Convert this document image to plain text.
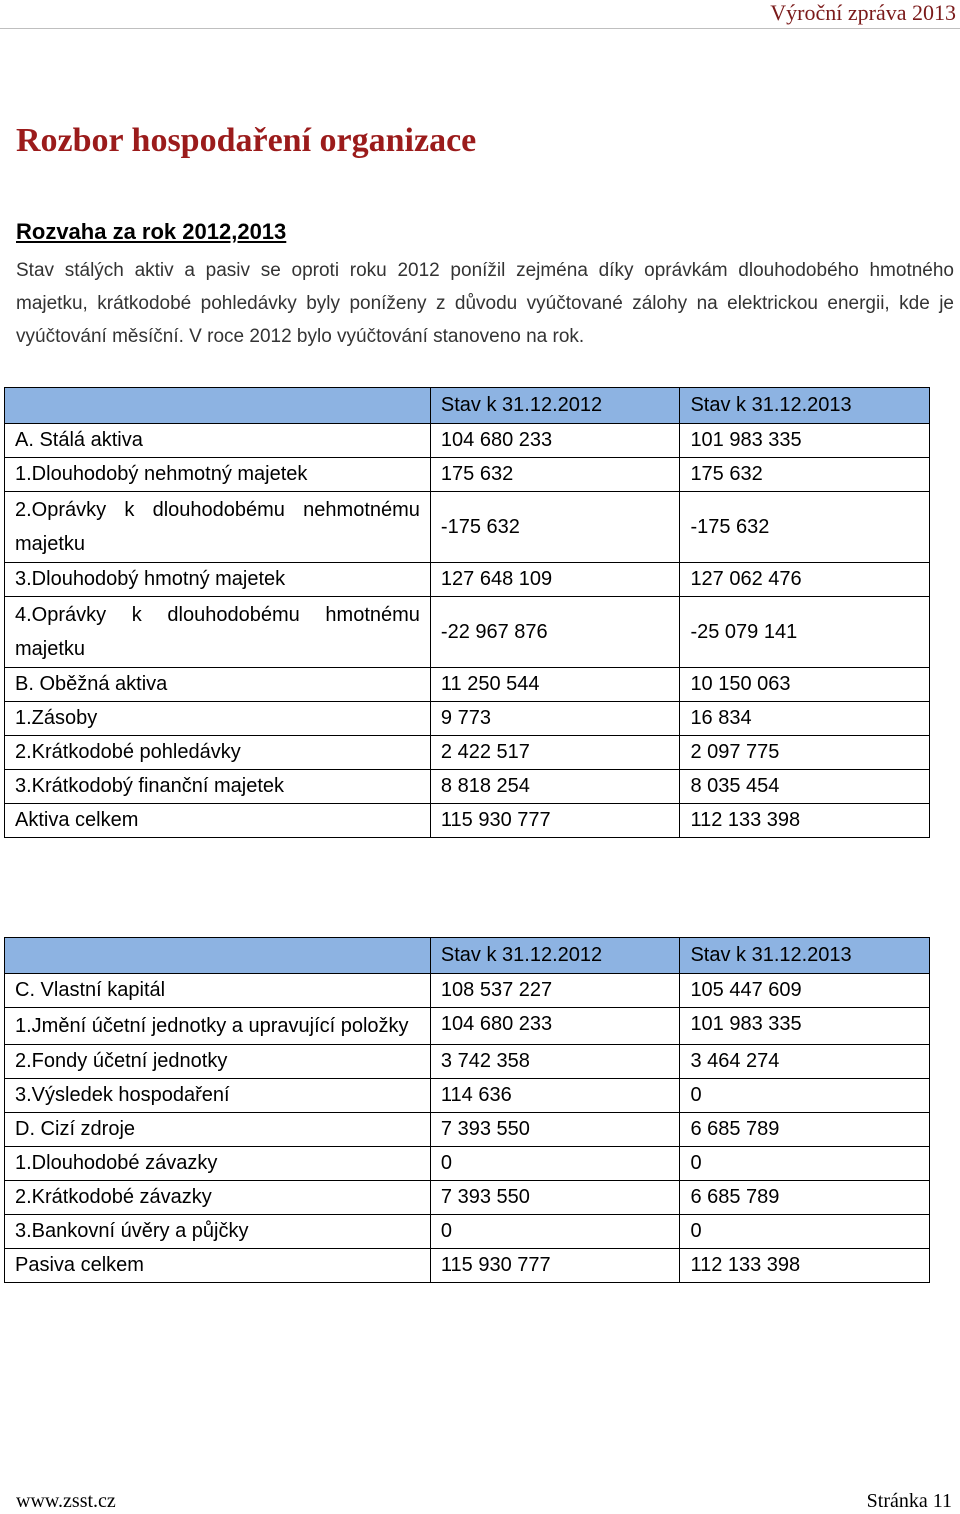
Výroční zpráva 2013
Rozbor hospodaření organizace
Rozvaha za rok 2012,2013

Stav stálých aktiv a pasiv se oproti roku 2012 ponížil zejména díky oprávkám dlouhodobého hmotného majetku, krátkodobé pohledávky byly poníženy z důvodu vyúčtované zálohy na elektrickou energii, kde je vyúčtování měsíční. V roce 2012 bylo vyúčtování stanoveno na rok.

	Stav k 31.12.2012	Stav k 31.12.2013
A. Stálá aktiva	104 680 233	101 983 335
1.Dlouhodobý nehmotný majetek	175 632	175 632

2.Oprávky k dlouhodobému nehmotnému majetku	-175 632	-175 632
3.Dlouhodobý hmotný majetek	127 648 109	127 062 476

4.Oprávky k dlouhodobému hmotnému majetku	-22 967 876	-25 079 141
B. Oběžná aktiva	11 250 544	10 150 063
1.Zásoby	9 773	16 834
2.Krátkodobé pohledávky	2 422 517	2 097 775
3.Krátkodobý finanční majetek	8 818 254	8 035 454
Aktiva celkem	115 930 777	112 133 398
	Stav k 31.12.2012	Stav k 31.12.2013
C. Vlastní kapitál	108 537 227	105 447 609

1.Jmění účetní jednotky a upravující položky	104 680 233	101 983 335
2.Fondy účetní jednotky	3 742 358	3 464 274
3.Výsledek hospodaření	114 636	0
D. Cizí zdroje	7 393 550	6 685 789
1.Dlouhodobé závazky	0	0
2.Krátkodobé závazky	7 393 550	6 685 789
3.Bankovní úvěry a půjčky	0	0
Pasiva celkem	115 930 777	112 133 398
www.zsst.cz	Stránka 11
